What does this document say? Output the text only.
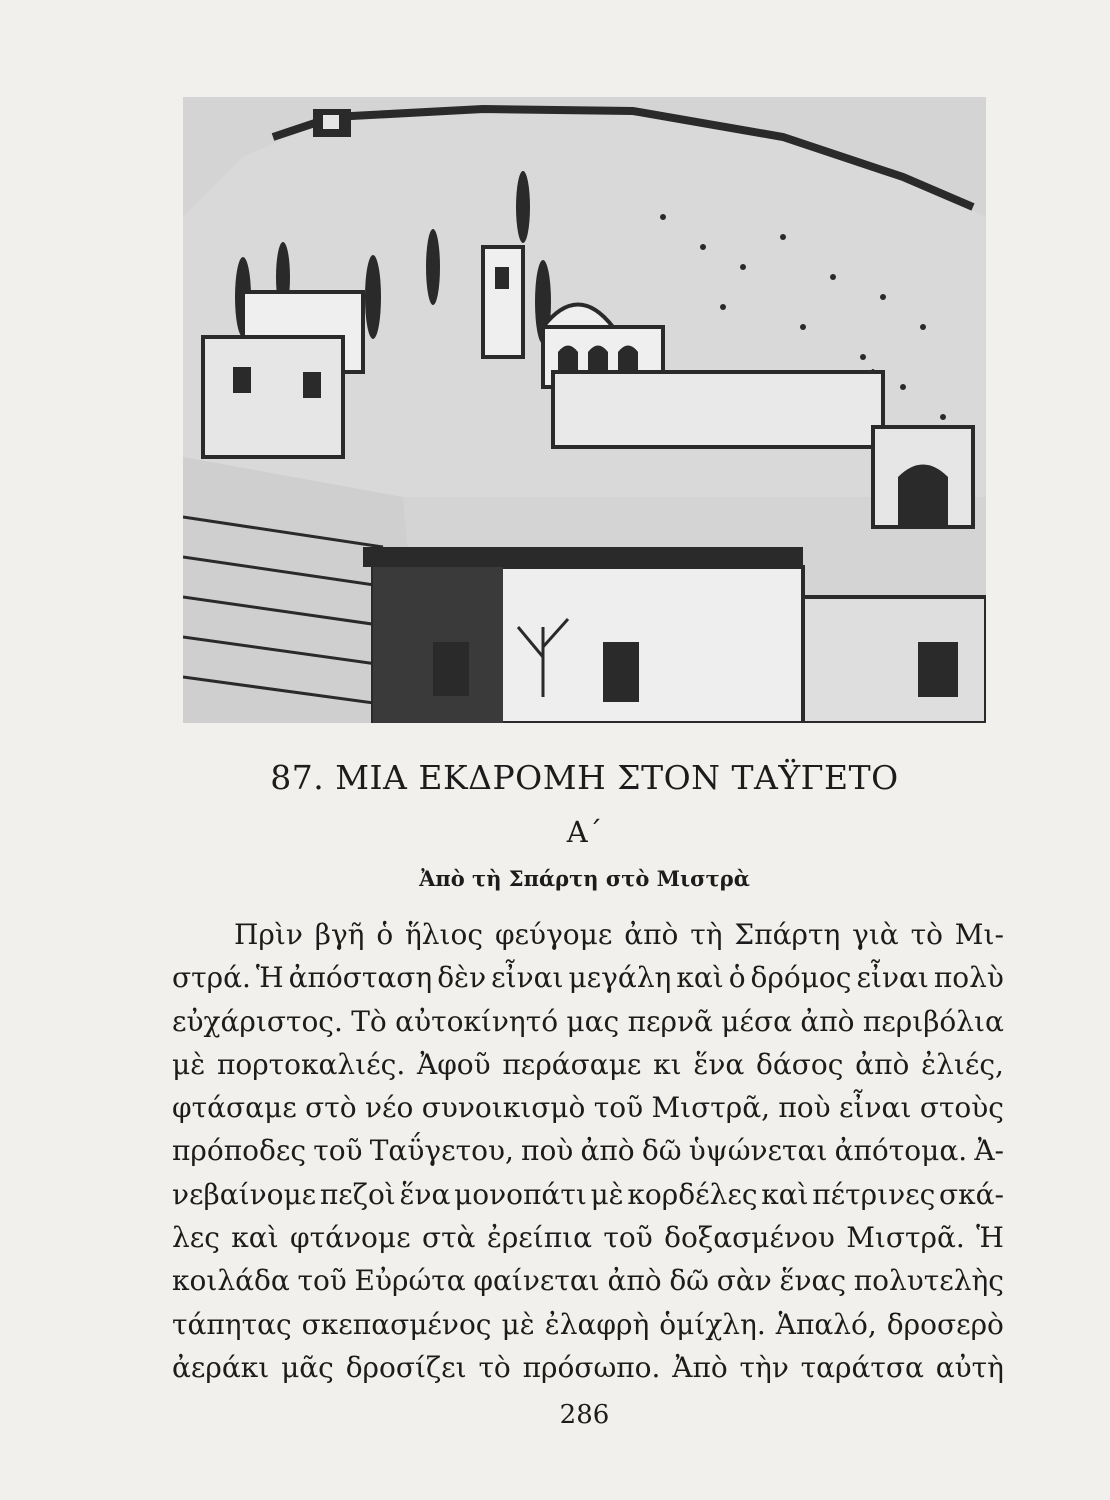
87. ΜΙΑ ΕΚΔΡΟΜΗ ΣΤΟΝ ΤΑΫΓΕΤΟ
Α΄
Ἀπὸ τὴ Σπάρτη στὸ Μιστρὰ
Πρὶν βγῆ ὁ ἥλιος φεύγομε ἀπὸ τὴ Σπάρτη γιὰ τὸ Μι-
στρά. Ἡ ἀπόσταση δὲν εἶναι μεγάλη καὶ ὁ δρόμος εἶναι πολὺ
εὐχάριστος. Τὸ αὐτοκίνητό μας περνᾶ μέσα ἀπὸ περιβόλια
μὲ πορτοκαλιές. Ἀφοῦ περάσαμε κι ἕνα δάσος ἀπὸ ἐλιές,
φτάσαμε στὸ νέο συνοικισμὸ τοῦ Μιστρᾶ, ποὺ εἶναι στοὺς
πρόποδες τοῦ Ταΰγετου, ποὺ ἀπὸ δῶ ὑψώνεται ἀπότομα. Ἀ-
νεβαίνομε πεζοὶ ἕνα μονοπάτι μὲ κορδέλες καὶ πέτρινες σκά-
λες καὶ φτάνομε στὰ ἐρείπια τοῦ δοξασμένου Μιστρᾶ. Ἡ
κοιλάδα τοῦ Εὐρώτα φαίνεται ἀπὸ δῶ σὰν ἕνας πολυτελὴς
τάπητας σκεπασμένος μὲ ἐλαφρὴ ὁμίχλη. Ἁπαλό, δροσερὸ
ἀεράκι μᾶς δροσίζει τὸ πρόσωπο. Ἀπὸ τὴν ταράτσα αὐτὴ
286
